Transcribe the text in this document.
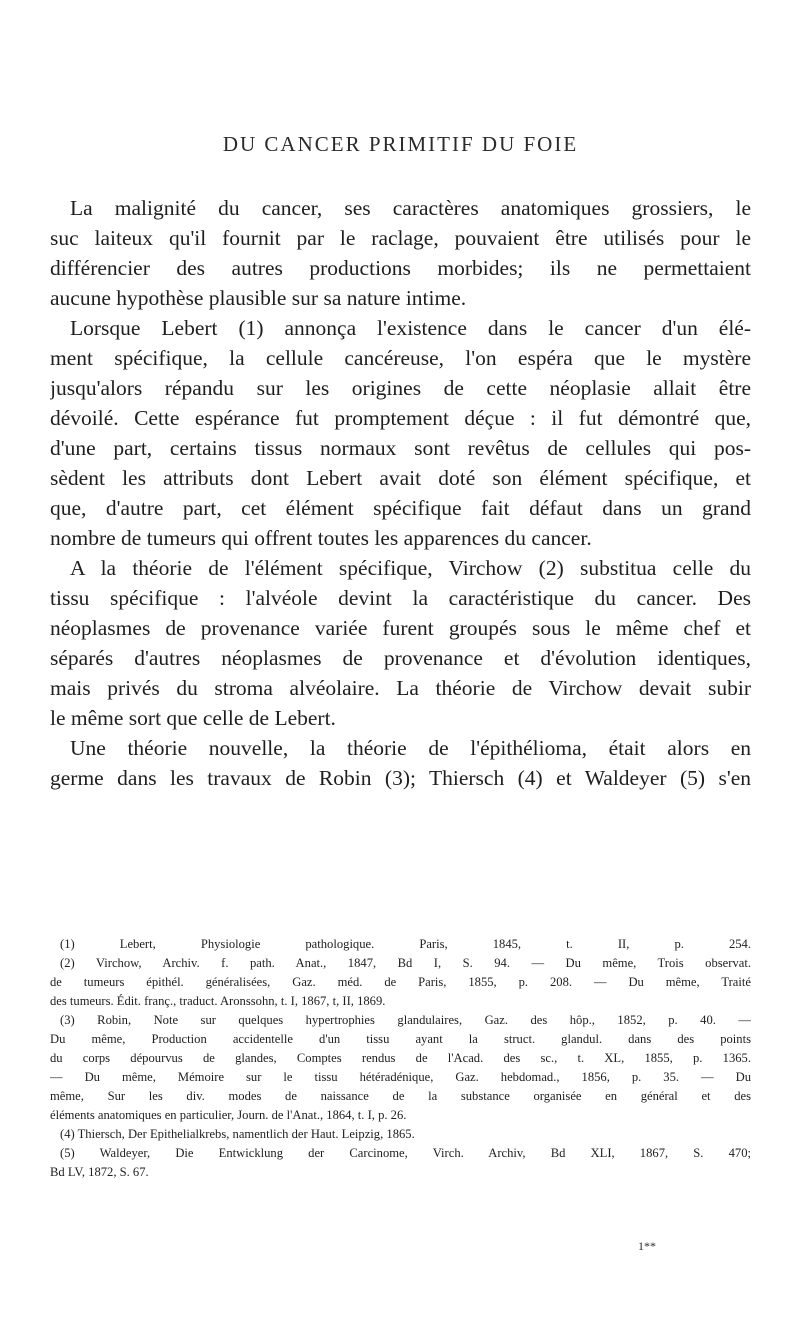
DU CANCER PRIMITIF DU FOIE
La malignité du cancer, ses caractères anatomiques grossiers, le
suc laiteux qu'il fournit par le raclage, pouvaient être utilisés pour le
différencier des autres productions morbides; ils ne permettaient
aucune hypothèse plausible sur sa nature intime.
Lorsque Lebert (1) annonça l'existence dans le cancer d'un élé-
ment spécifique, la cellule cancéreuse, l'on espéra que le mystère
jusqu'alors répandu sur les origines de cette néoplasie allait être
dévoilé. Cette espérance fut promptement déçue : il fut démontré que,
d'une part, certains tissus normaux sont revêtus de cellules qui pos-
sèdent les attributs dont Lebert avait doté son élément spécifique, et
que, d'autre part, cet élément spécifique fait défaut dans un grand
nombre de tumeurs qui offrent toutes les apparences du cancer.
A la théorie de l'élément spécifique, Virchow (2) substitua celle du
tissu spécifique : l'alvéole devint la caractéristique du cancer. Des
néoplasmes de provenance variée furent groupés sous le même chef et
séparés d'autres néoplasmes de provenance et d'évolution identiques,
mais privés du stroma alvéolaire. La théorie de Virchow devait subir
le même sort que celle de Lebert.
Une théorie nouvelle, la théorie de l'épithélioma, était alors en
germe dans les travaux de Robin (3); Thiersch (4) et Waldeyer (5) s'en
(1) Lebert, Physiologie pathologique. Paris, 1845, t. II, p. 254.
(2) Virchow, Archiv. f. path. Anat., 1847, Bd I, S. 94. — Du même, Trois observat.
de tumeurs épithél. généralisées, Gaz. méd. de Paris, 1855, p. 208. — Du même, Traité
des tumeurs. Édit. franç., traduct. Aronssohn, t. I, 1867, t, II, 1869.
(3) Robin, Note sur quelques hypertrophies glandulaires, Gaz. des hôp., 1852, p. 40. —
Du même, Production accidentelle d'un tissu ayant la struct. glandul. dans des points
du corps dépourvus de glandes, Comptes rendus de l'Acad. des sc., t. XL, 1855, p. 1365.
— Du même, Mémoire sur le tissu hétéradénique, Gaz. hebdomad., 1856, p. 35. — Du
même, Sur les div. modes de naissance de la substance organisée en général et des
éléments anatomiques en particulier, Journ. de l'Anat., 1864, t. I, p. 26.
(4) Thiersch, Der Epithelialkrebs, namentlich der Haut. Leipzig, 1865.
(5) Waldeyer, Die Entwicklung der Carcinome, Virch. Archiv, Bd XLI, 1867, S. 470;
Bd LV, 1872, S. 67.
1**
